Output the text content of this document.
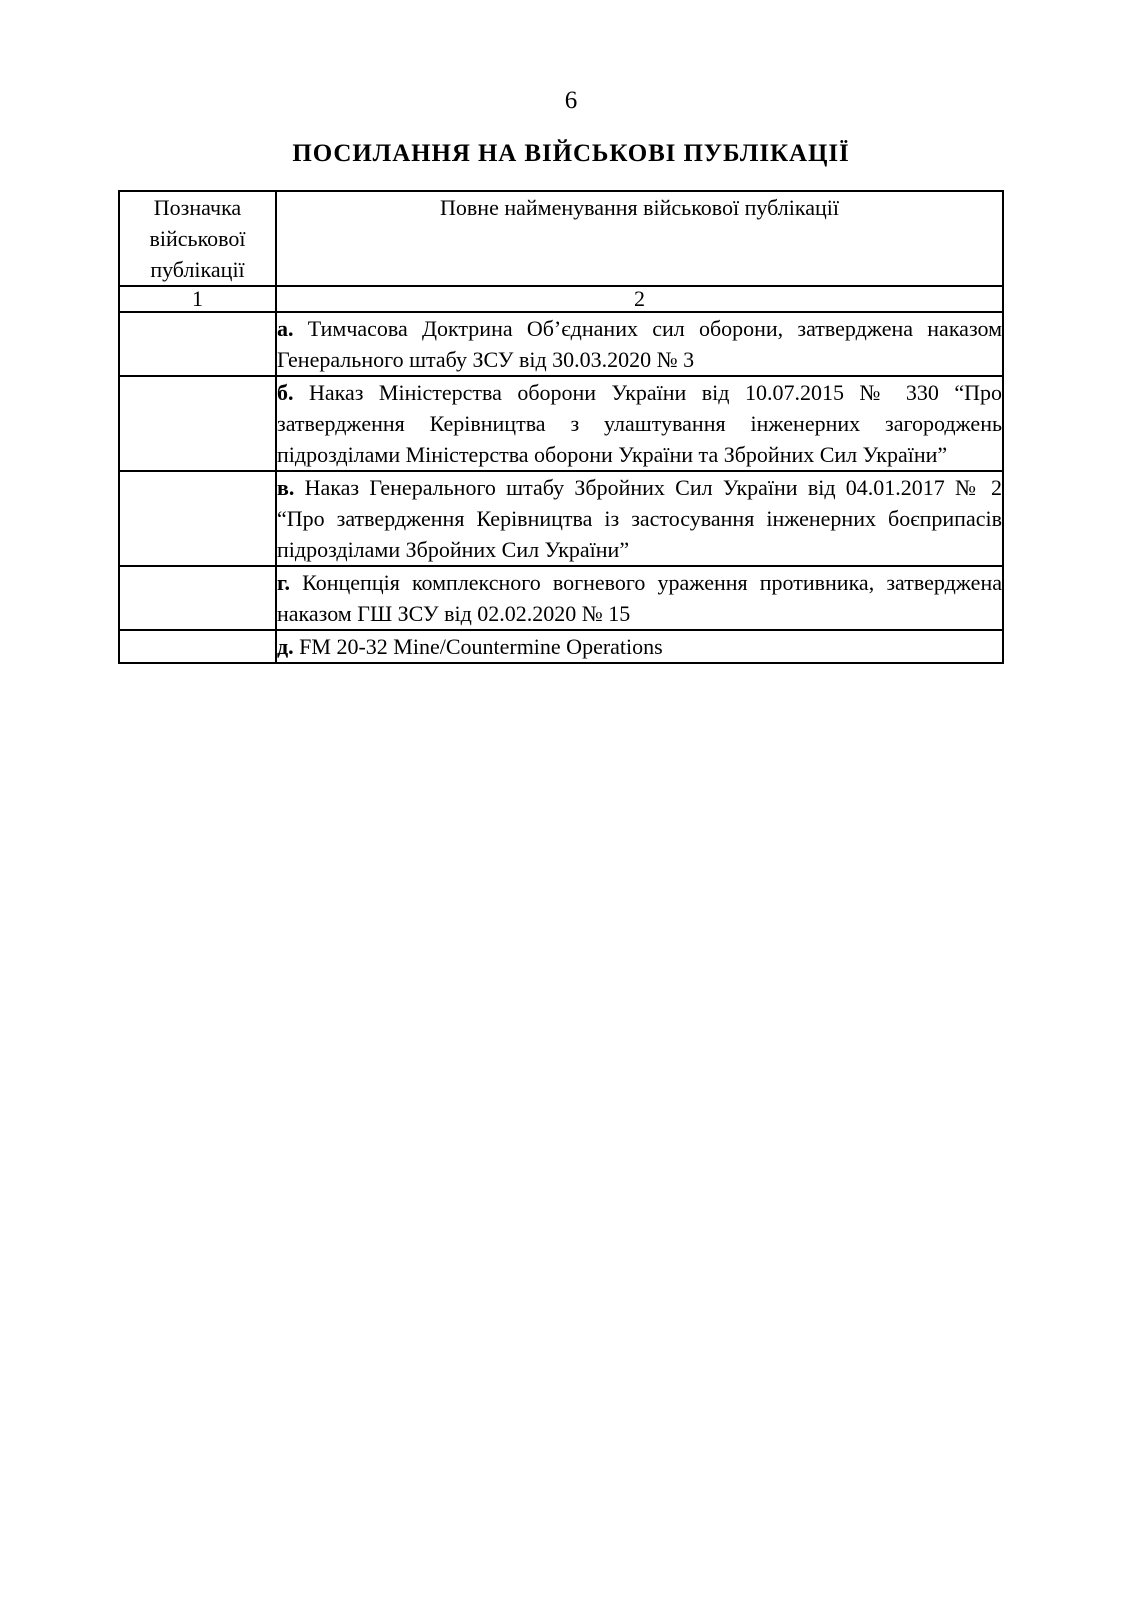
6
ПОСИЛАННЯ НА ВІЙСЬКОВІ ПУБЛІКАЦІЇ
Позначка
військової
публікації	Повне найменування військової публікації
1	2
	а. Тимчасова Доктрина Об’єднаних сил оборони, затверджена наказом Генерального штабу ЗСУ від 30.03.2020 № 3
	б. Наказ Міністерства оборони України від 10.07.2015 № 330 “Про затвердження Керівництва з улаштування інженерних загороджень підрозділами Міністерства оборони України та Збройних Сил України”
	в. Наказ Генерального штабу Збройних Сил України від 04.01.2017 № 2 “Про затвердження Керівництва із застосування інженерних боєприпасів підрозділами Збройних Сил України”
	г. Концепція комплексного вогневого ураження противника, затверджена наказом ГШ ЗСУ від 02.02.2020 № 15
	д. FM 20-32 Mine/Countermine Operations
